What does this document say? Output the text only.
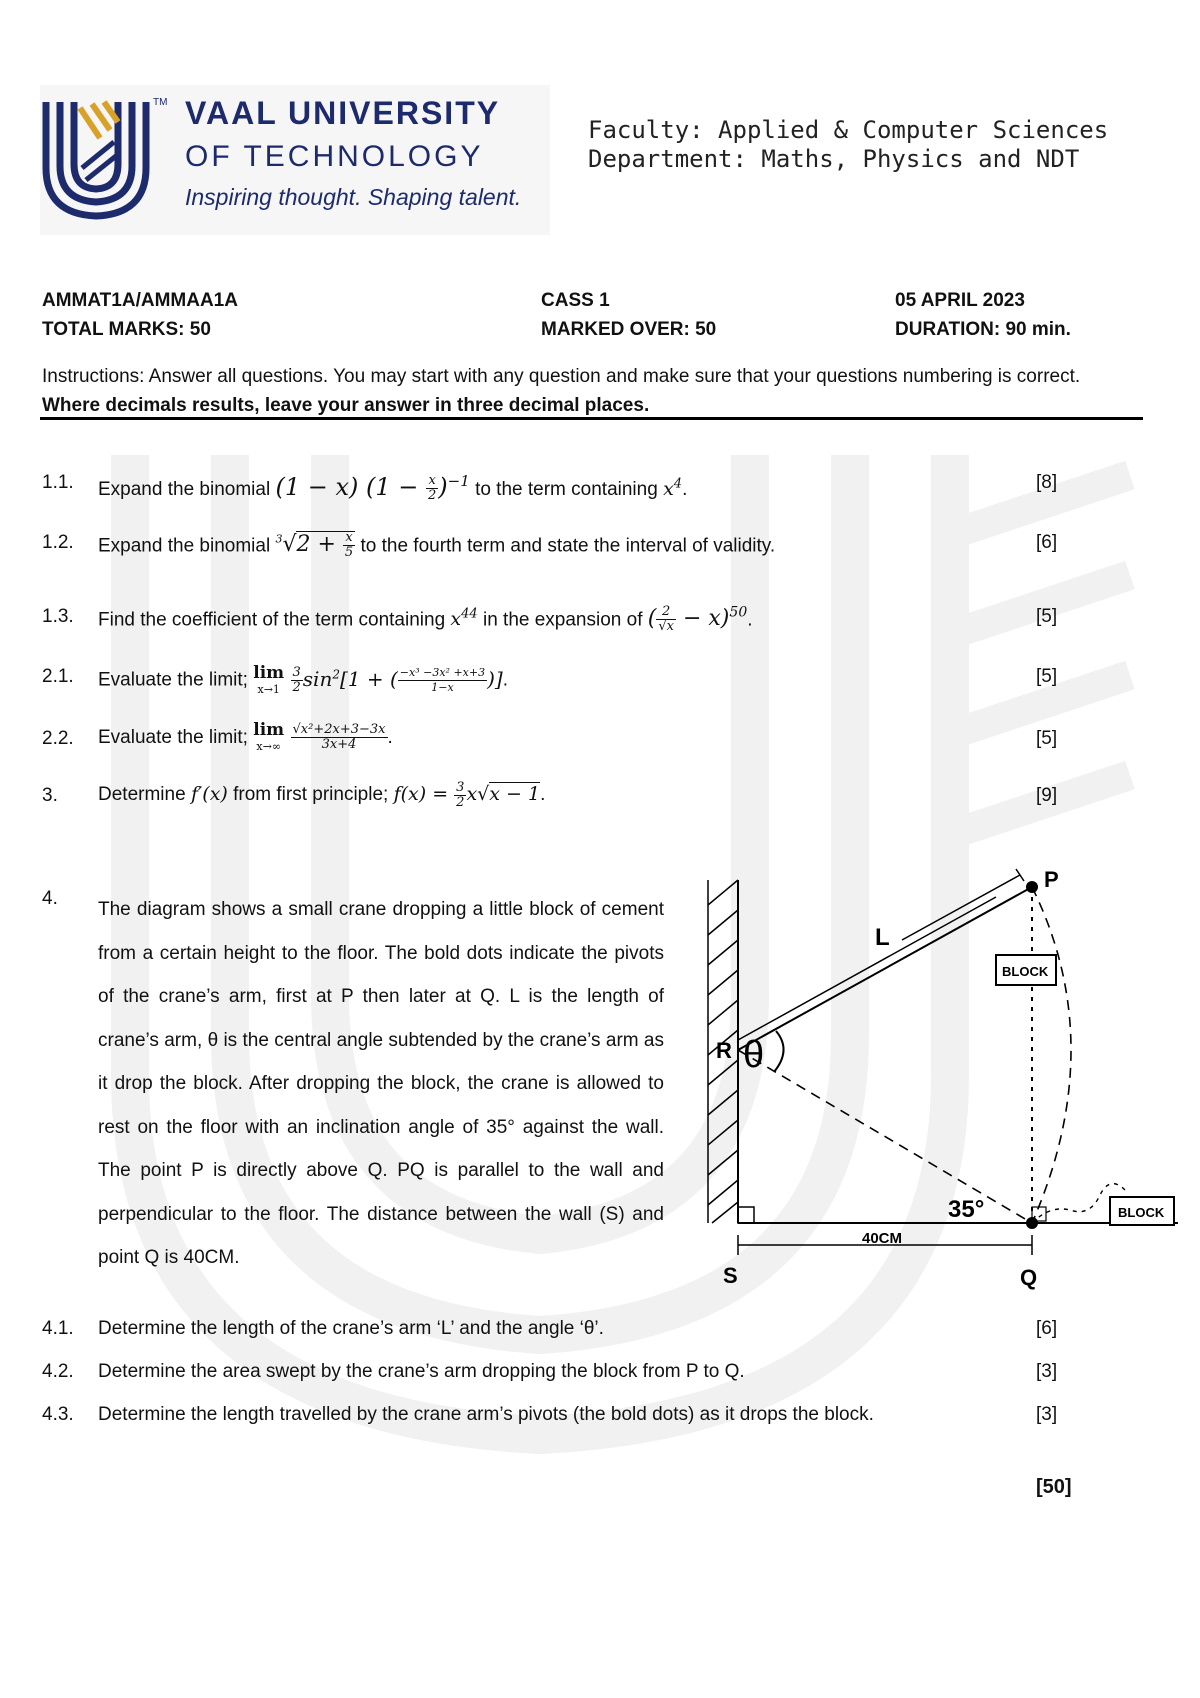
TM VAAL UNIVERSITY
OF TECHNOLOGY
Inspiring thought. Shaping talent.
Faculty: Applied & Computer Sciences
Department: Maths, Physics and NDT
AMMAT1A/AMMAA1A	CASS 1	05 APRIL 2023
TOTAL MARKS: 50	MARKED OVER: 50	DURATION: 90 min.
Instructions: Answer all questions. You may start with any question and make sure that your questions numbering is correct. Where decimals results, leave your answer in three decimal places.
1.1. Expand the binomial (1 − x) $(1 - \frac{x}{2} )^{-1}$ to the term containing $x^4$.	[8]
1.2. Expand the binomial $^3√2 + \frac{x}{5}$ to the fourth term and state the interval of validity.	[6]
1.3. Find the coefficient of the term containing $x^{44}$ in the expansion of ( $\frac{2}{√x} - x)^{50}$.	[5]
2.1. Evaluate the limit; lim
$x\to 1 \frac{3}{2} \sin^2[1$ + ( $\frac{\text{−x³ −3x² +x+3}}{1-x}$ )].	[5]
2.2. Evaluate the limit; lim
$x\to\infty \frac{\text{√x²+2x+3−3x}}{3x+4}$ .	[5]
3. Determine f′(x) from first principle; $f(x) = \frac{3}{2} x√x - 1$.	[9]
4.
The diagram shows a small crane dropping a little block of cement from a certain height to the floor. The bold dots indicate the pivots of the crane’s arm, first at P then later at Q. L is the length of crane’s arm, θ is the central angle subtended by the crane’s arm as it drop the block. After dropping the block, the crane is allowed to rest on the floor with an inclination angle of 35° against the wall. The point P is directly above Q. PQ is parallel to the wall and perpendicular to the floor. The distance between the wall (S) and point Q is 40CM.
P
Q
R
S
L
θ
35°
40CM
BLOCK
BLOCK
4.1. Determine the length of the crane’s arm ‘L’ and the angle ‘θ’.	[6]
4.2. Determine the area swept by the crane’s arm dropping the block from P to Q.	[3]
4.3. Determine the length travelled by the crane arm’s pivots (the bold dots) as it drops the block.	[3]
[50]
